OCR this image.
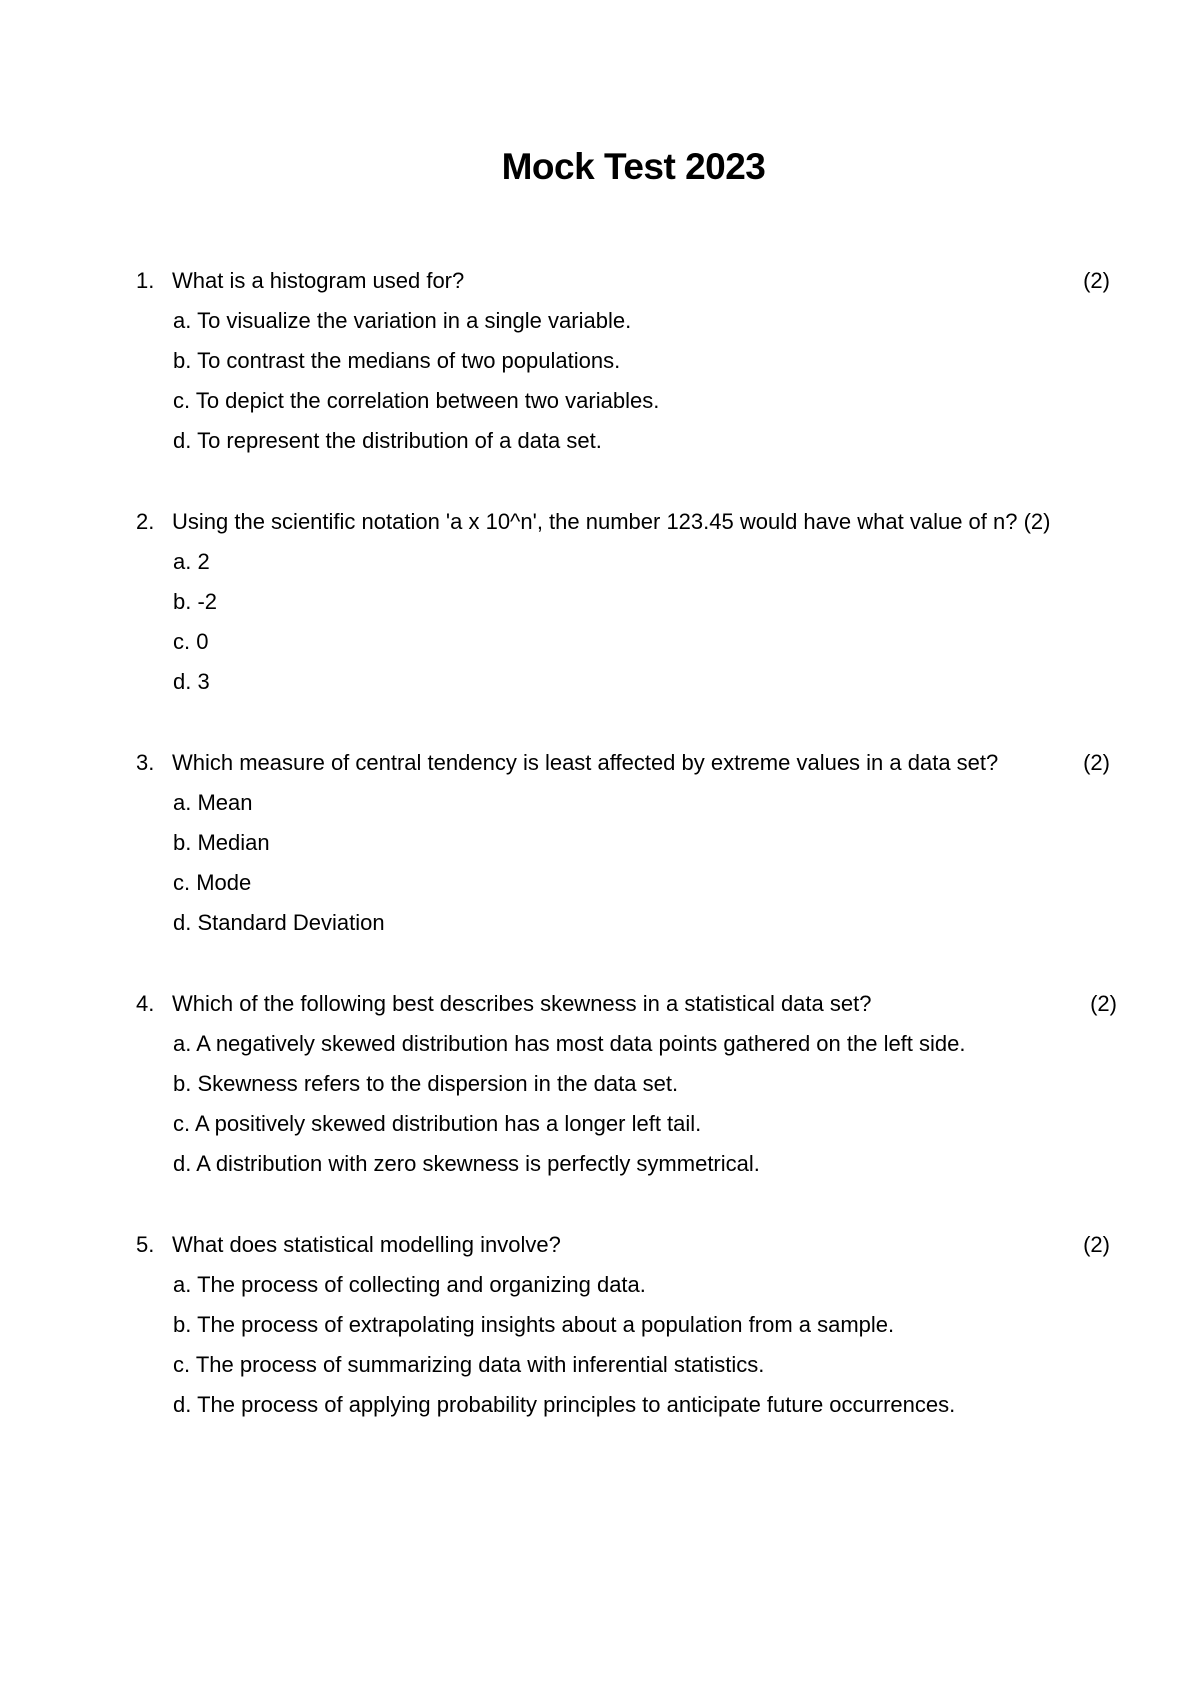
Mock Test 2023
1. What is a histogram used for?	(2)
a. To visualize the variation in a single variable.
b. To contrast the medians of two populations.
c. To depict the correlation between two variables.
d. To represent the distribution of a data set.
2. Using the scientific notation 'a x 10^n', the number 123.45 would have what value of n? (2)
a. 2
b. -2
c. 0
d. 3
3. Which measure of central tendency is least affected by extreme values in a data set?	(2)
a. Mean
b. Median
c. Mode
d. Standard Deviation
4. Which of the following best describes skewness in a statistical data set?	(2)
a. A negatively skewed distribution has most data points gathered on the left side.
b. Skewness refers to the dispersion in the data set.
c. A positively skewed distribution has a longer left tail.
d. A distribution with zero skewness is perfectly symmetrical.
5. What does statistical modelling involve?	(2)
a. The process of collecting and organizing data.
b. The process of extrapolating insights about a population from a sample.
c. The process of summarizing data with inferential statistics.
d. The process of applying probability principles to anticipate future occurrences.
